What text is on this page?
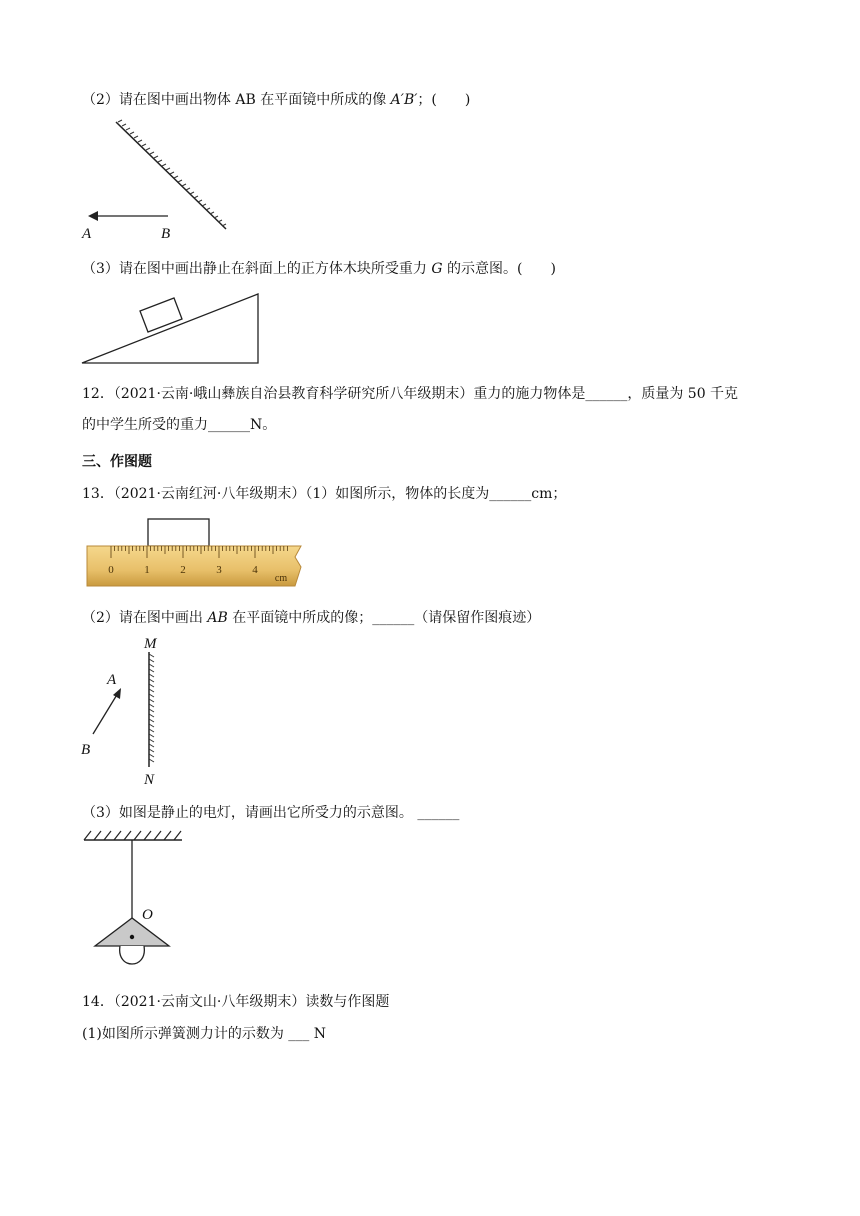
（2）请在图中画出物体 AB 在平面镜中所成的像 A′B′；(　　)
A	B
（3）请在图中画出静止在斜面上的正方体木块所受重力 G 的示意图。(　　)
12．（2021·云南·峨山彝族自治县教育科学研究所八年级期末）重力的施力物体是______，质量为 50 千克
的中学生所受的重力______N。
三、作图题
13．（2021·云南红河·八年级期末）（1）如图所示，物体的长度为______cm；
0	1	2	3	4
cm
（2）请在图中画出 AB 在平面镜中所成的像；______（请保留作图痕迹）
M
N
A
B
（3）如图是静止的电灯，请画出它所受力的示意图。 ______
O
14．（2021·云南文山·八年级期末）读数与作图题
(1)如图所示弹簧测力计的示数为 ___ N
